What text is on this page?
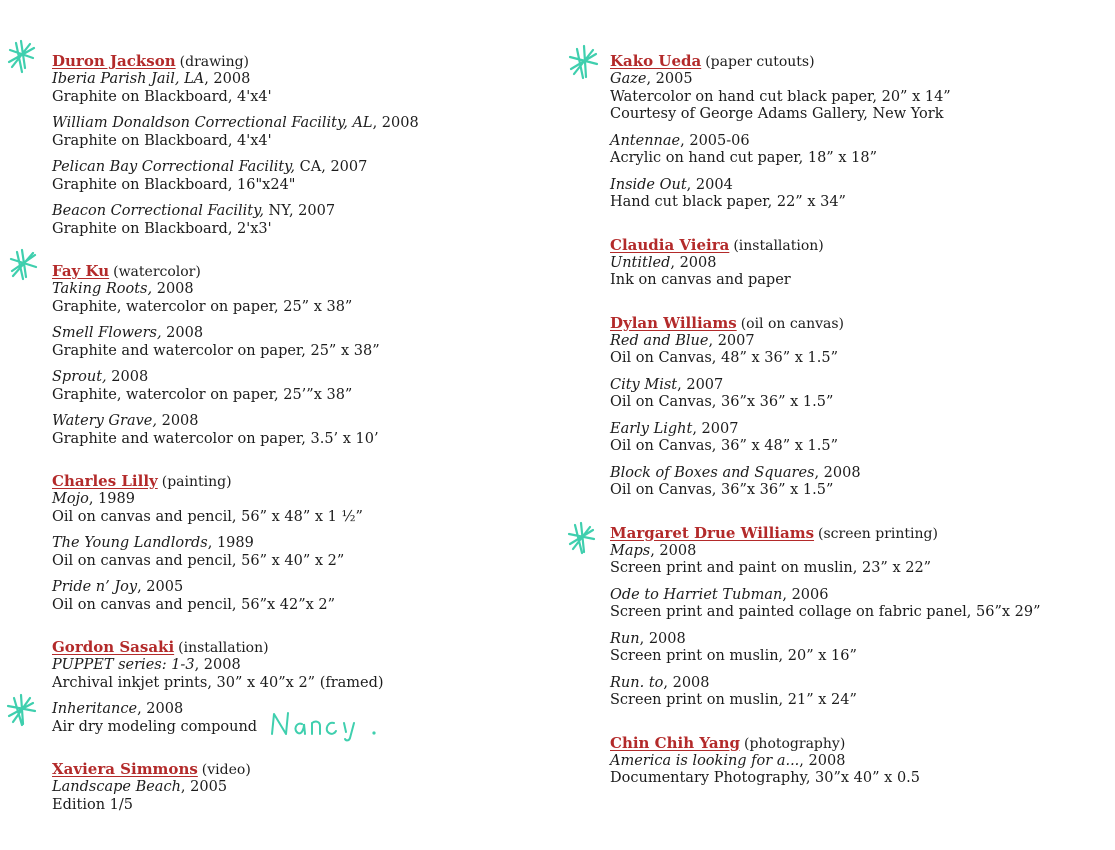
Duron Jackson (drawing)
Iberia Parish Jail, LA, 2008
Graphite on Blackboard, 4'x4'
William Donaldson Correctional Facility, AL, 2008
Graphite on Blackboard, 4'x4'
Pelican Bay Correctional Facility, CA, 2007
Graphite on Blackboard, 16"x24"
Beacon Correctional Facility, NY, 2007
Graphite on Blackboard, 2'x3'
Fay Ku (watercolor)
Taking Roots, 2008
Graphite, watercolor on paper, 25” x 38”
Smell Flowers, 2008
Graphite and watercolor on paper, 25” x 38”
Sprout, 2008
Graphite, watercolor on paper, 25’”x 38”
Watery Grave, 2008
Graphite and watercolor on paper, 3.5’ x 10’
Charles Lilly (painting)
Mojo, 1989
Oil on canvas and pencil, 56” x 48” x 1 ½”
The Young Landlords, 1989
Oil on canvas and pencil, 56” x 40” x 2”
Pride n’ Joy, 2005
Oil on canvas and pencil, 56”x 42”x 2”
Gordon Sasaki (installation)
PUPPET series: 1-3, 2008
Archival inkjet prints, 30” x 40”x 2” (framed)
Inheritance, 2008
Air dry modeling compound
Xaviera Simmons (video)
Landscape Beach, 2005
Edition 1/5
Kako Ueda (paper cutouts)
Gaze, 2005
Watercolor on hand cut black paper, 20” x 14”
Courtesy of George Adams Gallery, New York
Antennae, 2005-06
Acrylic on hand cut paper, 18” x 18”
Inside Out, 2004
Hand cut black paper, 22” x 34”
Claudia Vieira (installation)
Untitled, 2008
Ink on canvas and paper
Dylan Williams (oil on canvas)
Red and Blue, 2007
Oil on Canvas, 48” x 36” x 1.5”
City Mist, 2007
Oil on Canvas, 36”x 36” x 1.5”
Early Light, 2007
Oil on Canvas, 36” x 48” x 1.5”
Block of Boxes and Squares, 2008
Oil on Canvas, 36”x 36” x 1.5”
Margaret Drue Williams (screen printing)
Maps, 2008
Screen print and paint on muslin, 23” x 22”
Ode to Harriet Tubman, 2006
Screen print and painted collage on fabric panel, 56”x 29”
Run, 2008
Screen print on muslin, 20” x 16”
Run. to, 2008
Screen print on muslin, 21” x 24”
Chin Chih Yang (photography)
America is looking for a..., 2008
Documentary Photography, 30”x 40” x 0.5
